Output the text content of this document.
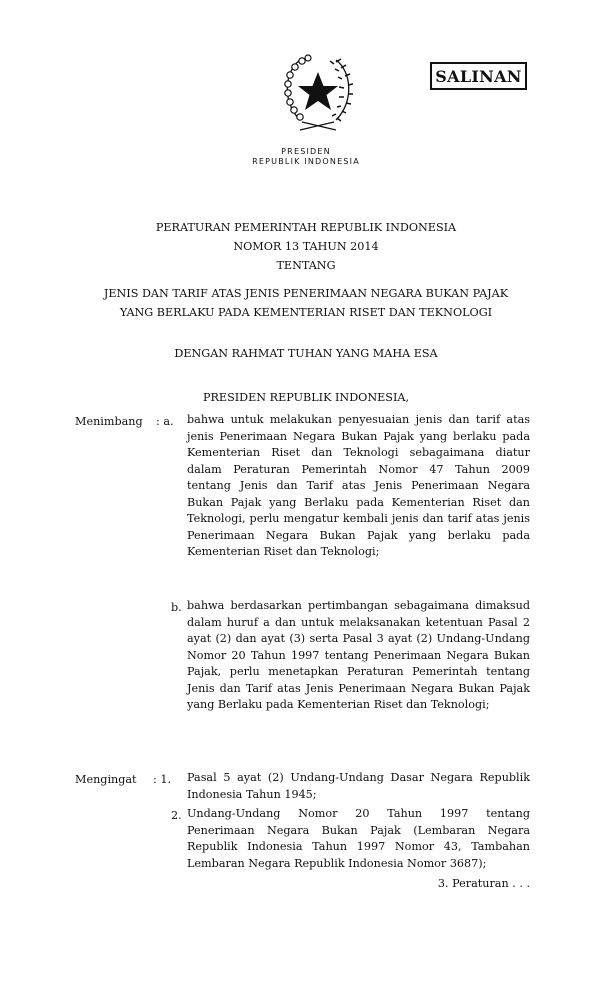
SALINAN
PRESIDEN
REPUBLIK INDONESIA
PERATURAN PEMERINTAH REPUBLIK INDONESIA
NOMOR 13 TAHUN 2014
TENTANG
JENIS DAN TARIF ATAS JENIS PENERIMAAN NEGARA BUKAN PAJAK
YANG BERLAKU PADA KEMENTERIAN RISET DAN TEKNOLOGI
DENGAN RAHMAT TUHAN YANG MAHA ESA
PRESIDEN REPUBLIK INDONESIA,
Menimbang : a. bahwa untuk melakukan penyesuaian jenis dan tarif atas
jenis Penerimaan Negara Bukan Pajak yang berlaku pada
Kementerian Riset dan Teknologi sebagaimana diatur
dalam Peraturan Pemerintah Nomor 47 Tahun 2009
tentang Jenis dan Tarif atas Jenis Penerimaan Negara
Bukan Pajak yang Berlaku pada Kementerian Riset dan
Teknologi, perlu mengatur kembali jenis dan tarif atas jenis
Penerimaan Negara Bukan Pajak yang berlaku pada
Kementerian Riset dan Teknologi;
b. bahwa berdasarkan pertimbangan sebagaimana dimaksud
dalam huruf a dan untuk melaksanakan ketentuan Pasal 2
ayat (2) dan ayat (3) serta Pasal 3 ayat (2) Undang-Undang
Nomor 20 Tahun 1997 tentang Penerimaan Negara Bukan
Pajak, perlu menetapkan Peraturan Pemerintah tentang
Jenis dan Tarif atas Jenis Penerimaan Negara Bukan Pajak
yang Berlaku pada Kementerian Riset dan Teknologi;
Mengingat : 1. Pasal 5 ayat (2) Undang-Undang Dasar Negara Republik
Indonesia Tahun 1945;
2. Undang-Undang Nomor 20 Tahun 1997 tentang
Penerimaan Negara Bukan Pajak (Lembaran Negara
Republik Indonesia Tahun 1997 Nomor 43, Tambahan
Lembaran Negara Republik Indonesia Nomor 3687);
3. Peraturan . . .
